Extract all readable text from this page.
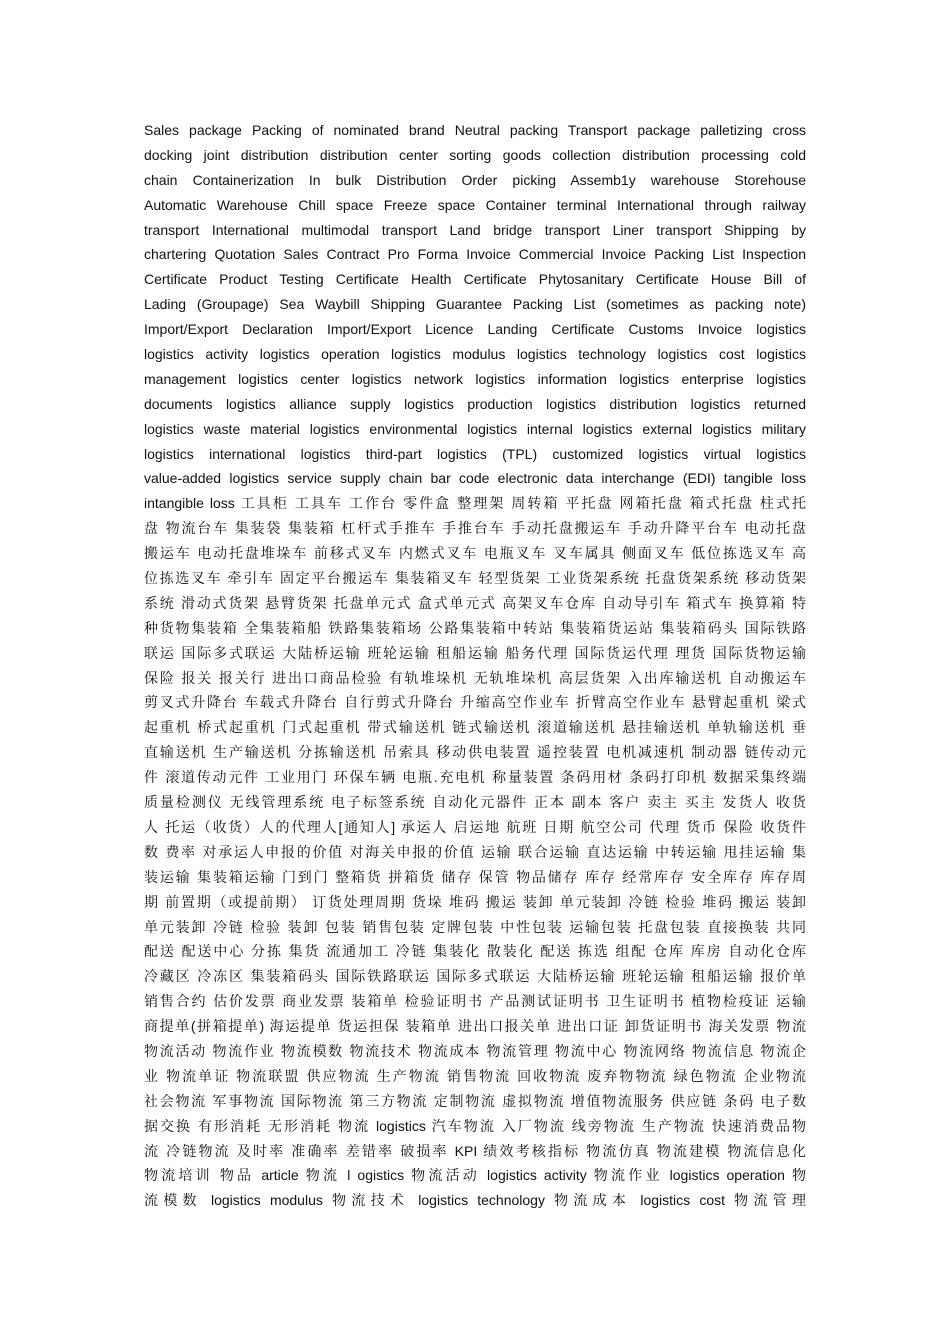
Sales package Packing of nominated brand Neutral packing Transport package palletizing cross
docking joint distribution distribution center sorting goods collection distribution processing cold
chain Containerization In bulk Distribution Order picking Assemb1y warehouse Storehouse
Automatic Warehouse Chill space Freeze space Container terminal International through railway
transport International multimodal transport Land bridge transport Liner transport Shipping by
chartering Quotation Sales Contract Pro Forma Invoice Commercial Invoice Packing List Inspection
Certificate Product Testing Certificate Health Certificate Phytosanitary Certificate House Bill of
Lading (Groupage) Sea Waybill Shipping Guarantee Packing List (sometimes as packing note)
Import/Export Declaration Import/Export Licence Landing Certificate Customs Invoice logistics
logistics activity logistics operation logistics modulus logistics technology logistics cost logistics
management logistics center logistics network logistics information logistics enterprise logistics
documents logistics alliance supply logistics production logistics distribution logistics returned
logistics waste material logistics environmental logistics internal logistics external logistics military
logistics international logistics third-part logistics (TPL) customized logistics virtual logistics
value-added logistics service supply chain bar code electronic data interchange (EDI) tangible loss
intangible loss 工具柜 工具车 工作台 零件盒 整理架 周转箱 平托盘 网箱托盘 箱式托盘 柱式托
盘 物流台车 集装袋 集装箱 杠杆式手推车 手推台车 手动托盘搬运车 手动升降平台车 电动托盘
搬运车 电动托盘堆垛车 前移式叉车 内燃式叉车 电瓶叉车 叉车属具 侧面叉车 低位拣选叉车 高
位拣选叉车 牵引车 固定平台搬运车 集装箱叉车 轻型货架 工业货架系统 托盘货架系统 移动货架
系统 滑动式货架 悬臂货架 托盘单元式 盒式单元式 高架叉车仓库 自动导引车 箱式车 换算箱 特
种货物集装箱 全集装箱船 铁路集装箱场 公路集装箱中转站 集装箱货运站 集装箱码头 国际铁路
联运 国际多式联运 大陆桥运输 班轮运输 租船运输 船务代理 国际货运代理 理货 国际货物运输
保险 报关 报关行 进出口商品检验 有轨堆垛机 无轨堆垛机 高层货架 入出库输送机 自动搬运车
剪叉式升降台 车载式升降台 自行剪式升降台 升缩高空作业车 折臂高空作业车 悬臂起重机 梁式
起重机 桥式起重机 门式起重机 带式输送机 链式输送机 滚道输送机 悬挂输送机 单轨输送机 垂
直输送机 生产输送机 分拣输送机 吊索具 移动供电装置 遥控装置 电机减速机 制动器 链传动元
件 滚道传动元件 工业用门 环保车辆 电瓶.充电机 称量装置 条码用材 条码打印机 数据采集终端
质量检测仪 无线管理系统 电子标签系统 自动化元器件 正本 副本 客户 卖主 买主 发货人 收货
人 托运（收货）人的代理人[通知人] 承运人 启运地 航班 日期 航空公司 代理 货币 保险 收货件
数 费率 对承运人申报的价值 对海关申报的价值 运输 联合运输 直达运输 中转运输 甩挂运输 集
装运输 集装箱运输 门到门 整箱货 拼箱货 储存 保管 物品储存 库存 经常库存 安全库存 库存周
期 前置期（或提前期） 订货处理周期 货垛 堆码 搬运 装卸 单元装卸 冷链 检验 堆码 搬运 装卸
单元装卸 冷链 检验 装卸 包装 销售包装 定牌包装 中性包装 运输包装 托盘包装 直接换装 共同
配送 配送中心 分拣 集货 流通加工 冷链 集装化 散装化 配送 拣选 组配 仓库 库房 自动化仓库
冷藏区 冷冻区 集装箱码头 国际铁路联运 国际多式联运 大陆桥运输 班轮运输 租船运输 报价单
销售合约 估价发票 商业发票 装箱单 检验证明书 产品测试证明书 卫生证明书 植物检疫证 运输
商提单(拼箱提单) 海运提单 货运担保 装箱单 进出口报关单 进出口证 卸货证明书 海关发票 物流
物流活动 物流作业 物流模数 物流技术 物流成本 物流管理 物流中心 物流网络 物流信息 物流企
业 物流单证 物流联盟 供应物流 生产物流 销售物流 回收物流 废弃物物流 绿色物流 企业物流
社会物流 军事物流 国际物流 第三方物流 定制物流 虚拟物流 增值物流服务 供应链 条码 电子数
据交换 有形消耗 无形消耗 物流 logistics 汽车物流 入厂物流 线旁物流 生产物流 快速消费品物
流 冷链物流 及时率 准确率 差错率 破损率 KPI 绩效考核指标 物流仿真 物流建模 物流信息化
物流培训 物品 article 物流 l ogistics 物流活动 logistics activity 物流作业 logistics operation 物
流模数 logistics modulus 物流技术 logistics technology 物流成本 logistics cost 物流管理
